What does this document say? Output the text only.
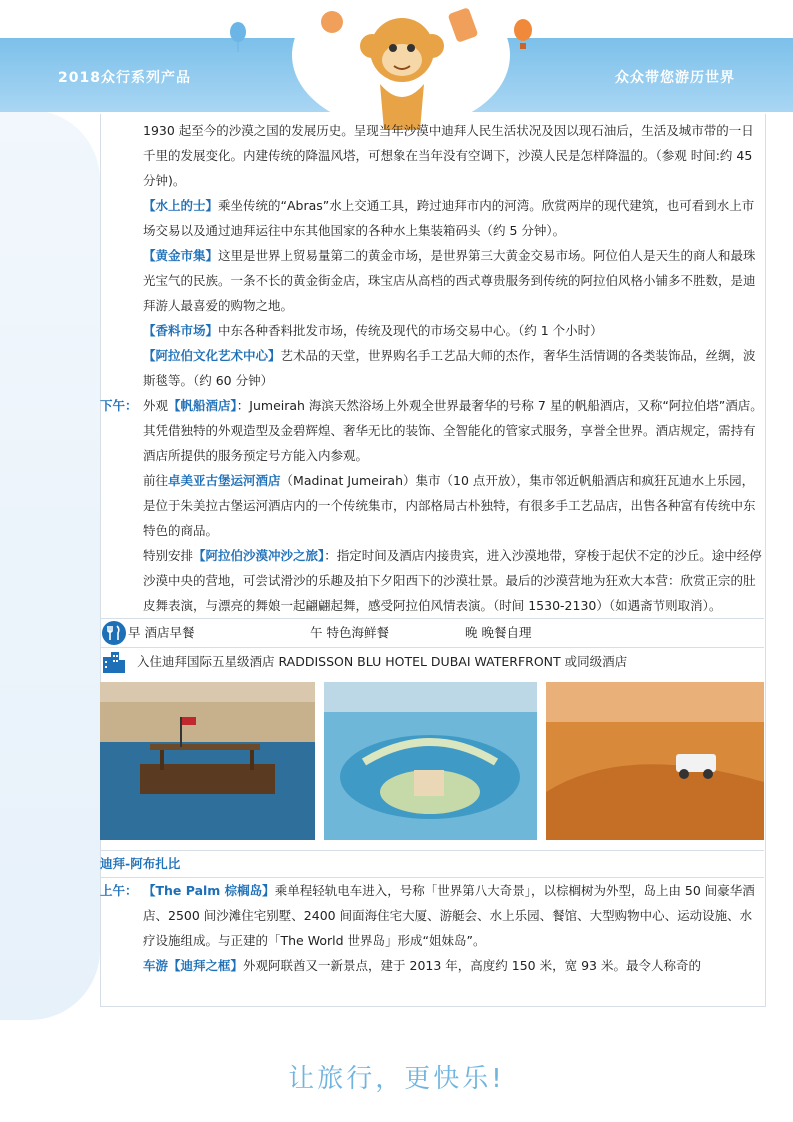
2018众行系列产品	众众带您游历世界

1930 起至今的沙漠之国的发展历史。呈现当年沙漠中迪拜人民生活状况及因以现石油后，生活及城市带的一日千里的发展变化。内建传统的降温风塔，可想象在当年没有空调下，沙漠人民是怎样降温的。（参观 时间:约 45 分钟)。

【水上的士】乘坐传统的“Abras”水上交通工具，跨过迪拜市内的河湾。欣赏两岸的现代建筑，也可看到水上市场交易以及通过迪拜运往中东其他国家的各种水上集装箱码头（约 5 分钟）。

【黄金市集】这里是世界上贸易量第二的黄金市场，是世界第三大黄金交易市场。阿位伯人是天生的商人和最珠光宝气的民族。一条不长的黄金街金店，珠宝店从高档的西式尊贵服务到传统的阿拉伯风格小铺多不胜数，是迪拜游人最喜爱的购物之地。

【香料市场】中东各种香料批发市场，传统及现代的市场交易中心。（约 1 个小时）

【阿拉伯文化艺术中心】艺术品的天堂，世界购名手工艺品大师的杰作，奢华生活情调的各类装饰品，丝绸，波斯毯等。（约 60 分钟）

下午： 外观【帆船酒店】：Jumeirah 海滨天然浴场上外观全世界最奢华的号称 7 星的帆船酒店，又称“阿拉伯塔”酒店。其凭借独特的外观造型及金碧辉煌、奢华无比的装饰、全智能化的管家式服务，享誉全世界。酒店规定，需持有酒店所提供的服务预定号方能入内参观。

前往卓美亚古堡运河酒店（Madinat Jumeirah）集市（10 点开放），集市邻近帆船酒店和疯狂瓦迪水上乐园，是位于朱美拉古堡运河酒店内的一个传统集市，内部格局古朴独特，有很多手工艺品店，出售各种富有传统中东特色的商品。

特别安排【阿拉伯沙漠冲沙之旅】：指定时间及酒店内接贵宾，进入沙漠地带，穿梭于起伏不定的沙丘。途中经停沙漠中央的营地，可尝试滑沙的乐趣及拍下夕阳西下的沙漠壮景。最后的沙漠营地为狂欢大本营：欣赏正宗的肚皮舞表演，与漂亮的舞娘一起翩翩起舞，感受阿拉伯风情表演。（时间 1530-2130）（如遇斋节则取消）。

早 酒店早餐	午 特色海鲜餐	晚 晚餐自理
入住迪拜国际五星级酒店 RADDISSON BLU HOTEL DUBAI WATERFRONT 或同级酒店
迪拜-阿布扎比

上午： 【The Palm 棕榈岛】乘单程轻轨电车进入，号称「世界第八大奇景」，以棕榈树为外型，岛上由 50 间豪华酒店、2500 间沙滩住宅别墅、2400 间面海住宅大厦、游艇会、水上乐园、餐馆、大型购物中心、运动设施、水疗设施组成。与正建的「The World 世界岛」形成“姐妹岛”。

车游【迪拜之框】外观阿联酋又一新景点，建于 2013 年，高度约 150 米，宽 93 米。最令人称奇的

让旅行，更快乐!
